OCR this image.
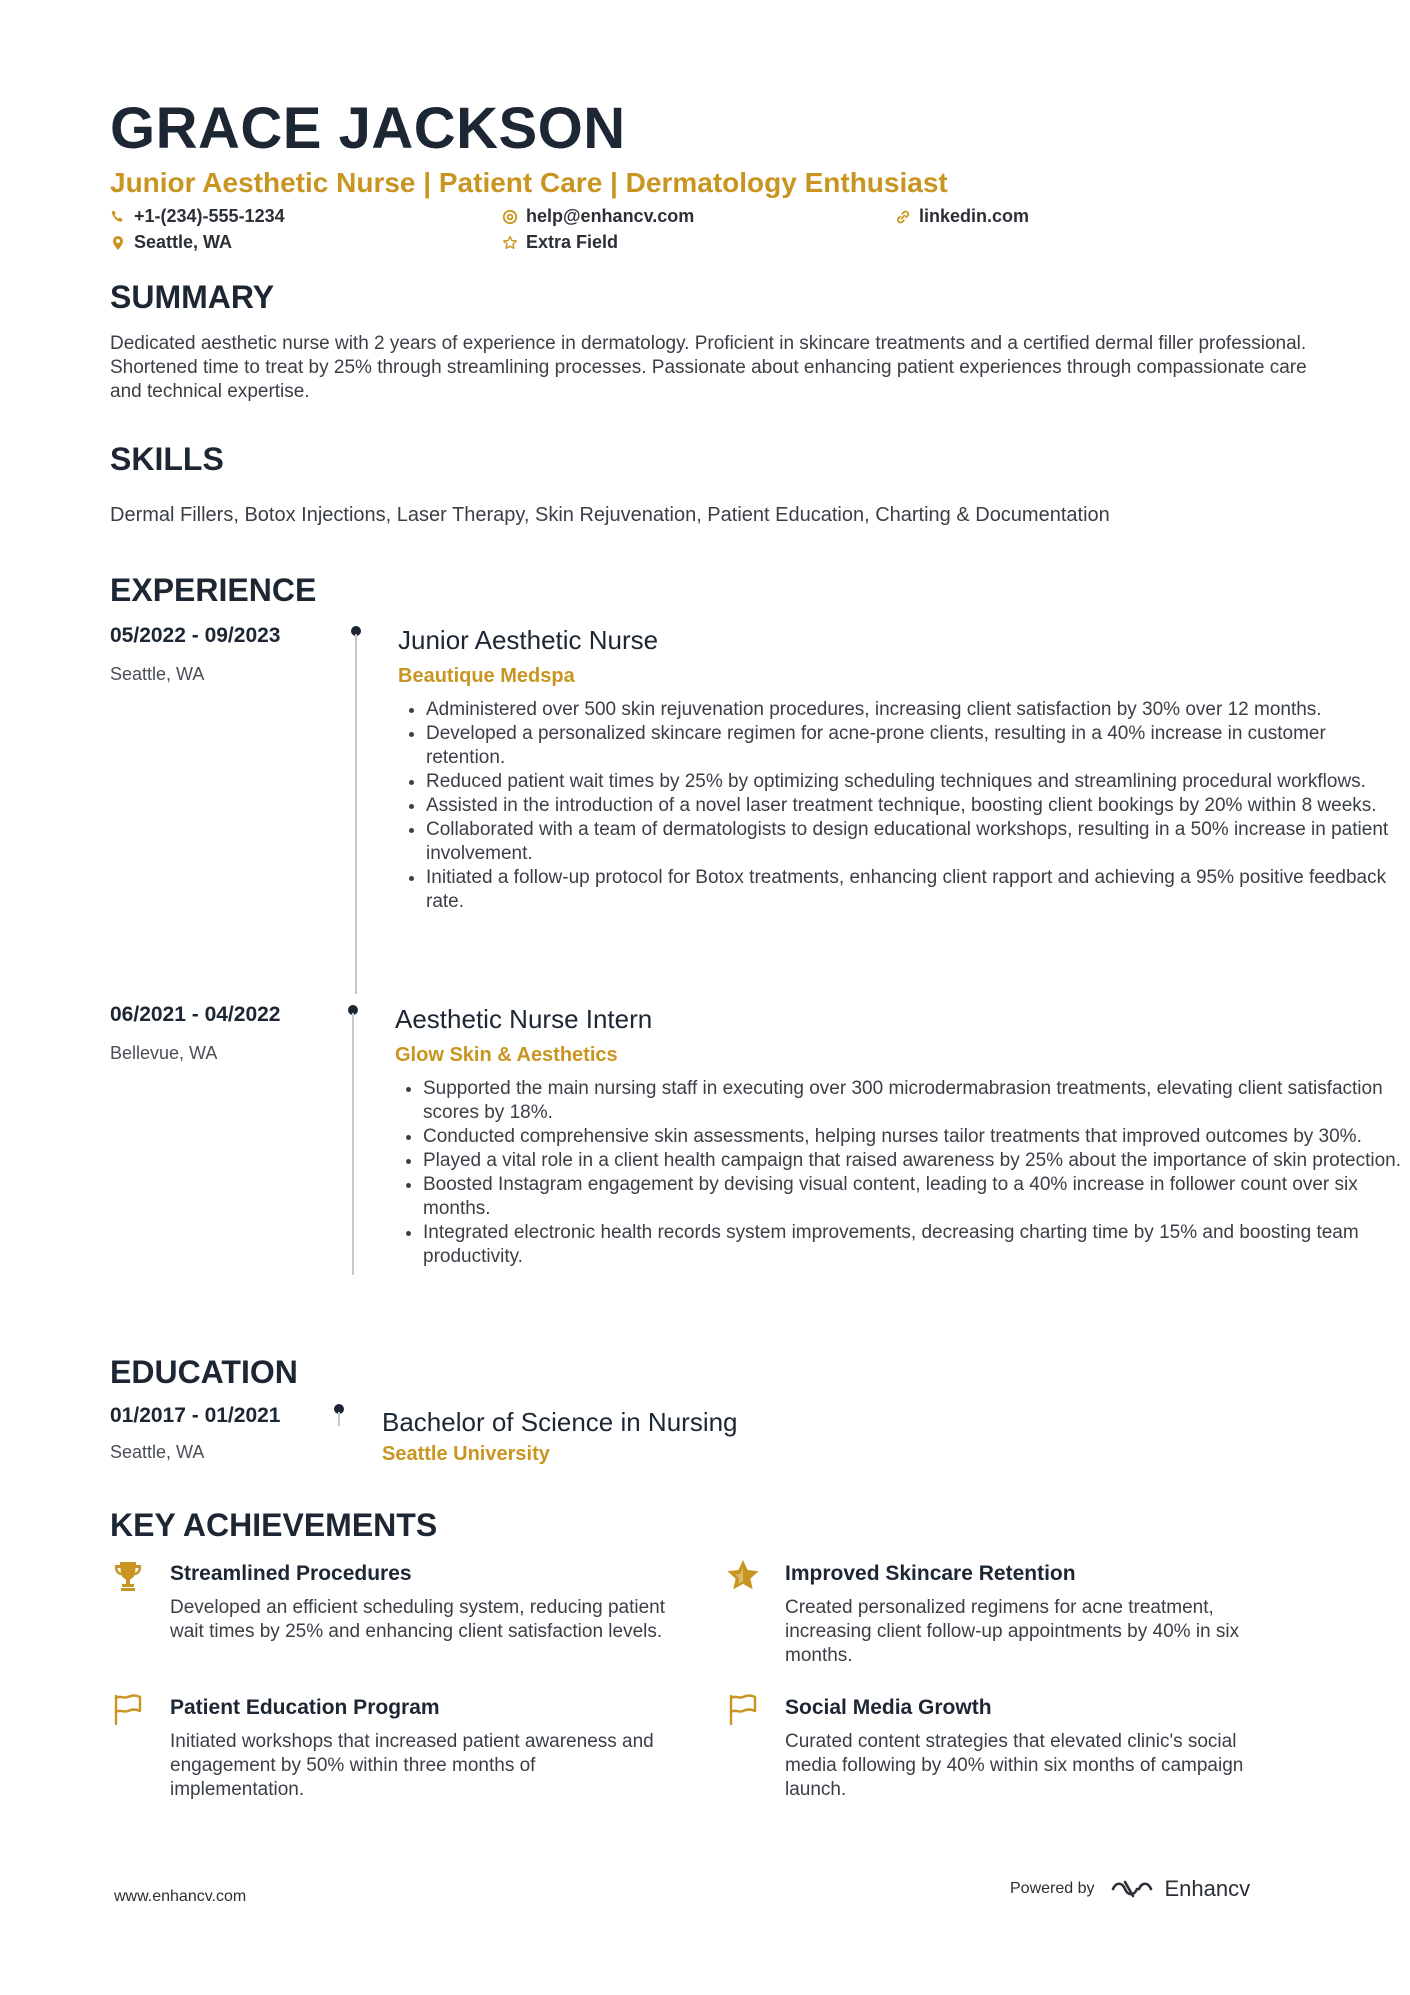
GRACE JACKSON
Junior Aesthetic Nurse | Patient Care | Dermatology Enthusiast
+1-(234)-555-1234	help@enhancv.com	linkedin.com
Seattle, WA	Extra Field
SUMMARY
Dedicated aesthetic nurse with 2 years of experience in dermatology. Proficient in skincare treatments and a certified dermal filler professional. Shortened time to treat by 25% through streamlining processes. Passionate about enhancing patient experiences through compassionate care and technical expertise.
SKILLS
Dermal Fillers, Botox Injections, Laser Therapy, Skin Rejuvenation, Patient Education, Charting & Documentation
EXPERIENCE
05/2022 - 09/2023
Seattle, WA
Junior Aesthetic Nurse
Beautique Medspa
• Administered over 500 skin rejuvenation procedures, increasing client satisfaction by 30% over 12 months.
• Developed a personalized skincare regimen for acne-prone clients, resulting in a 40% increase in customer retention.
• Reduced patient wait times by 25% by optimizing scheduling techniques and streamlining procedural workflows.
• Assisted in the introduction of a novel laser treatment technique, boosting client bookings by 20% within 8 weeks.
• Collaborated with a team of dermatologists to design educational workshops, resulting in a 50% increase in patient involvement.
• Initiated a follow-up protocol for Botox treatments, enhancing client rapport and achieving a 95% positive feedback rate.
06/2021 - 04/2022
Bellevue, WA
Aesthetic Nurse Intern
Glow Skin & Aesthetics
• Supported the main nursing staff in executing over 300 microdermabrasion treatments, elevating client satisfaction scores by 18%.
• Conducted comprehensive skin assessments, helping nurses tailor treatments that improved outcomes by 30%.
• Played a vital role in a client health campaign that raised awareness by 25% about the importance of skin protection.
• Boosted Instagram engagement by devising visual content, leading to a 40% increase in follower count over six months.
• Integrated electronic health records system improvements, decreasing charting time by 15% and boosting team productivity.
EDUCATION
01/2017 - 01/2021
Seattle, WA
Bachelor of Science in Nursing
Seattle University
KEY ACHIEVEMENTS
Streamlined Procedures
Developed an efficient scheduling system, reducing patient wait times by 25% and enhancing client satisfaction levels.
Improved Skincare Retention
Created personalized regimens for acne treatment, increasing client follow-up appointments by 40% in six months.
Patient Education Program
Initiated workshops that increased patient awareness and engagement by 50% within three months of implementation.
Social Media Growth
Curated content strategies that elevated clinic's social media following by 40% within six months of campaign launch.
www.enhancv.com	Powered by	Enhancv
